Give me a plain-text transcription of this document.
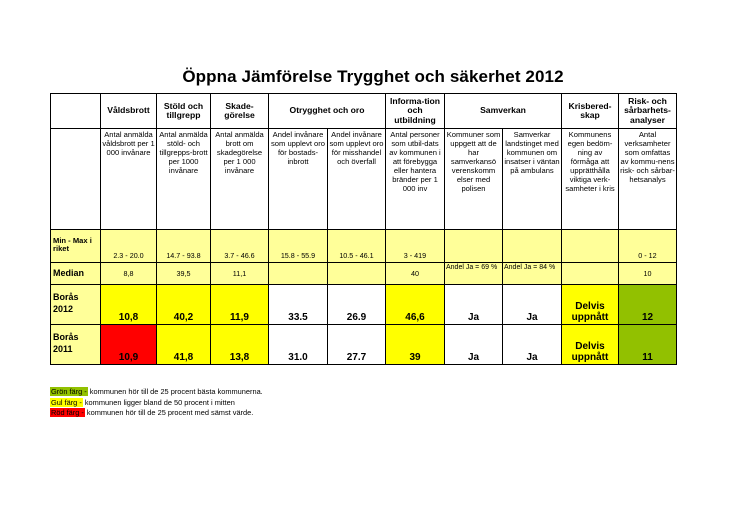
Öppna Jämförelse Trygghet och säkerhet 2012
	Våldsbrott	Stöld och tillgrepp	Skade-görelse	Otrygghet och oro		Informa-tion och utbildning	Samverkan		Krisbered-skap	Risk- och sårbarhets-analyser
	Antal anmälda våldsbrott per 1 000 invånare	Antal anmälda stöld- och tillgrepps-brott per 1000 invånare	Antal anmälda brott om skadegörelse per 1 000 invånare	Andel invånare som upplevt oro för bostads-inbrott	Andel invånare som upplevt oro för misshandel och överfall	Antal personer som utbil-dats av kommunen i att förebygga eller hantera bränder per 1 000 inv	Kommuner som uppgett att de har samverkansö verenskomm elser med polisen	Samverkar landstinget med kommunen om insatser i väntan på ambulans	Kommunens egen bedöm-ning av förmåga att upprätthålla viktiga verk-samheter i kris	Antal verksamheter som omfattas av kommu-nens risk- och sårbar-hetsanalys
Min - Max i riket	2.3 - 20.0	14.7 - 93.8	3.7 - 46.6	15.8 - 55.9	10.5 - 46.1	3 - 419				0 - 12
Median	8,8	39,5	11,1			40	Andel Ja = 69 %	Andel Ja = 84 %		10
Borås
2012	10,8	40,2	11,9	33.5	26.9	46,6	Ja	Ja	Delvis uppnått	12
Borås
2011	10,9	41,8	13,8	31.0	27.7	39	Ja	Ja	Delvis uppnått	11
Grön färg - kommunen hör till de 25 procent bästa kommunerna.
Gul färg - kommunen ligger bland de 50 procent i mitten
Röd färg - kommunen hör till de 25 procent med sämst värde.
